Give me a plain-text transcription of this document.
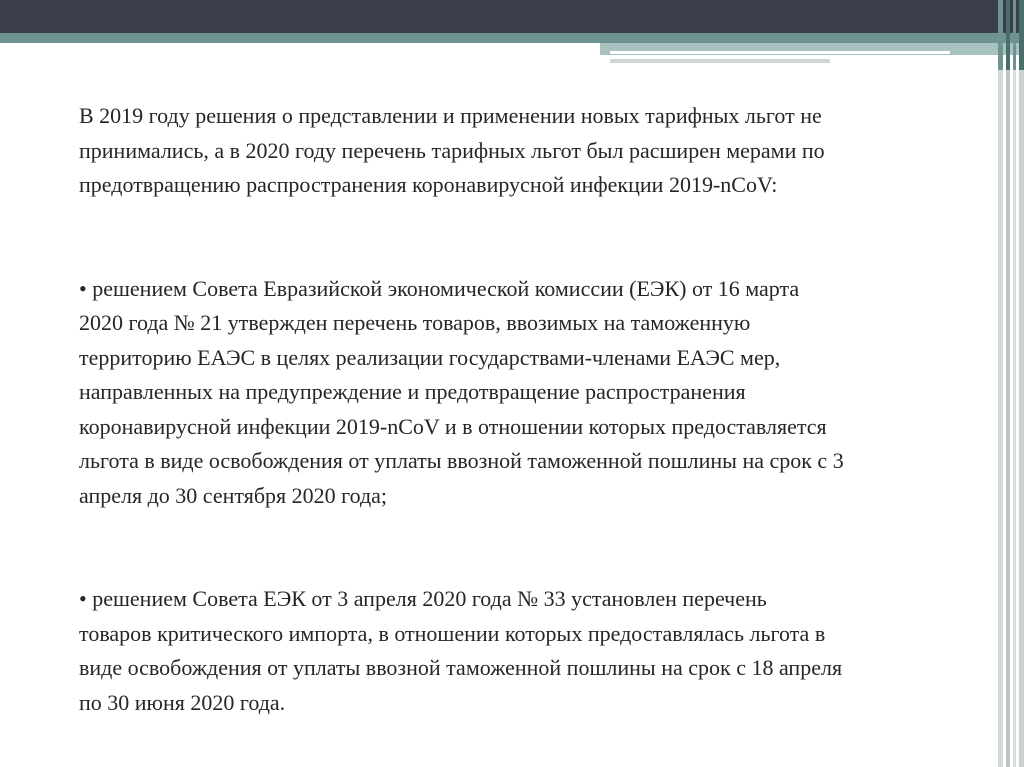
В 2019 году решения о представлении и применении новых тарифных льгот не
принимались, а в 2020 году перечень тарифных льгот был расширен мерами по
предотвращению распространения коронавирусной инфекции 2019-nCoV:

• решением Совета Евразийской экономической комиссии (ЕЭК) от 16 марта
2020 года № 21 утвержден перечень товаров, ввозимых на таможенную
территорию ЕАЭС в целях реализации государствами-членами ЕАЭС мер,
направленных на предупреждение и предотвращение распространения
коронавирусной инфекции 2019-nCoV и в отношении которых предоставляется
льгота в виде освобождения от уплаты ввозной таможенной пошлины на срок с 3
апреля до 30 сентября 2020 года;

• решением Совета ЕЭК от 3 апреля 2020 года № 33 установлен перечень
товаров критического импорта, в отношении которых предоставлялась льгота в
виде освобождения от уплаты ввозной таможенной пошлины на срок с 18 апреля
по 30 июня 2020 года.
